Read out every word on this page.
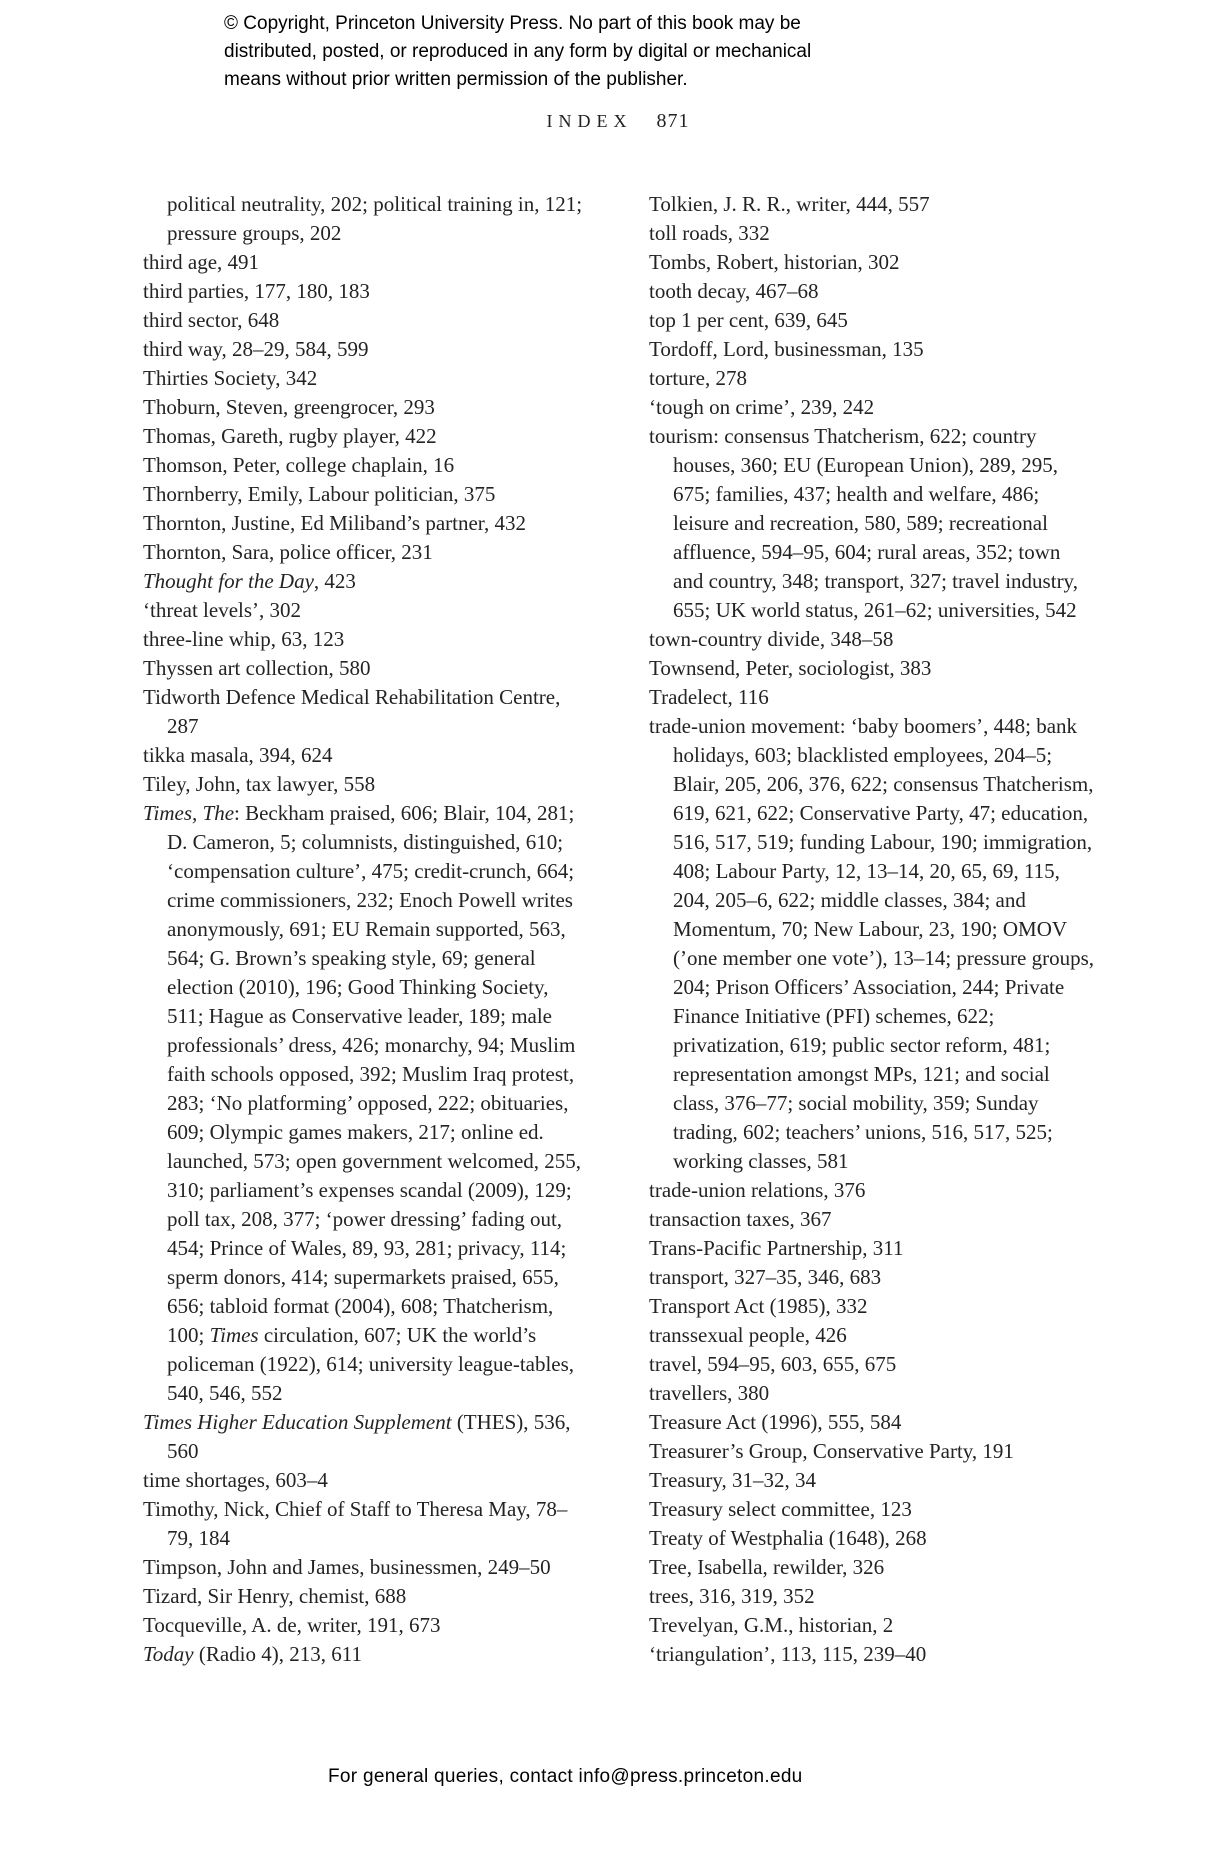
© Copyright, Princeton University Press. No part of this book may be
distributed, posted, or reproduced in any form by digital or mechanical
means without prior written permission of the publisher.
INDEX 871

political neutrality, 202; political training in, 121; pressure groups, 202

third age, 491

third parties, 177, 180, 183

third sector, 648

third way, 28–29, 584, 599

Thirties Society, 342

Thoburn, Steven, greengrocer, 293

Thomas, Gareth, rugby player, 422

Thomson, Peter, college chaplain, 16

Thornberry, Emily, Labour politician, 375

Thornton, Justine, Ed Miliband’s partner, 432

Thornton, Sara, police officer, 231

Thought for the Day, 423

‘threat levels’, 302

three-line whip, 63, 123

Thyssen art collection, 580

Tidworth Defence Medical Rehabilitation Centre, 287

tikka masala, 394, 624

Tiley, John, tax lawyer, 558

Times, The: Beckham praised, 606; Blair, 104, 281; D. Cameron, 5; columnists, distinguished, 610; ‘compensation culture’, 475; credit-crunch, 664; crime commissioners, 232; Enoch Powell writes anonymously, 691; EU Remain supported, 563, 564; G. Brown’s speaking style, 69; general election (2010), 196; Good Thinking Society, 511; Hague as Conservative leader, 189; male professionals’ dress, 426; monarchy, 94; Muslim faith schools opposed, 392; Muslim Iraq protest, 283; ‘No platforming’ opposed, 222; obituaries, 609; Olympic games makers, 217; online ed. launched, 573; open government welcomed, 255, 310; parliament’s expenses scandal (2009), 129; poll tax, 208, 377; ‘power dressing’ fading out, 454; Prince of Wales, 89, 93, 281; privacy, 114; sperm donors, 414; supermarkets praised, 655, 656; tabloid format (2004), 608; Thatcherism, 100; Times circulation, 607; UK the world’s policeman (1922), 614; university league-tables, 540, 546, 552

Times Higher Education Supplement (THES), 536, 560

time shortages, 603–4

Timothy, Nick, Chief of Staff to Theresa May, 78–79, 184

Timpson, John and James, businessmen, 249–50

Tizard, Sir Henry, chemist, 688

Tocqueville, A. de, writer, 191, 673

Today (Radio 4), 213, 611

Tolkien, J. R. R., writer, 444, 557

toll roads, 332

Tombs, Robert, historian, 302

tooth decay, 467–68

top 1 per cent, 639, 645

Tordoff, Lord, businessman, 135

torture, 278

‘tough on crime’, 239, 242

tourism: consensus Thatcherism, 622; country houses, 360; EU (European Union), 289, 295, 675; families, 437; health and welfare, 486; leisure and recreation, 580, 589; recreational affluence, 594–95, 604; rural areas, 352; town and country, 348; transport, 327; travel industry, 655; UK world status, 261–62; universities, 542

town-country divide, 348–58

Townsend, Peter, sociologist, 383

Tradelect, 116

trade-union movement: ‘baby boomers’, 448; bank holidays, 603; blacklisted employees, 204–5; Blair, 205, 206, 376, 622; consensus Thatcherism, 619, 621, 622; Conservative Party, 47; education, 516, 517, 519; funding Labour, 190; immigration, 408; Labour Party, 12, 13–14, 20, 65, 69, 115, 204, 205–6, 622; middle classes, 384; and Momentum, 70; New Labour, 23, 190; OMOV (’one member one vote’), 13–14; pressure groups, 204; Prison Officers’ Association, 244; Private Finance Initiative (PFI) schemes, 622; privatization, 619; public sector reform, 481; representation amongst MPs, 121; and social class, 376–77; social mobility, 359; Sunday trading, 602; teachers’ unions, 516, 517, 525; working classes, 581

trade-union relations, 376

transaction taxes, 367

Trans-Pacific Partnership, 311

transport, 327–35, 346, 683

Transport Act (1985), 332

transsexual people, 426

travel, 594–95, 603, 655, 675

travellers, 380

Treasure Act (1996), 555, 584

Treasurer’s Group, Conservative Party, 191

Treasury, 31–32, 34

Treasury select committee, 123

Treaty of Westphalia (1648), 268

Tree, Isabella, rewilder, 326

trees, 316, 319, 352

Trevelyan, G.M., historian, 2

‘triangulation’, 113, 115, 239–40

For general queries, contact info@press.princeton.edu
